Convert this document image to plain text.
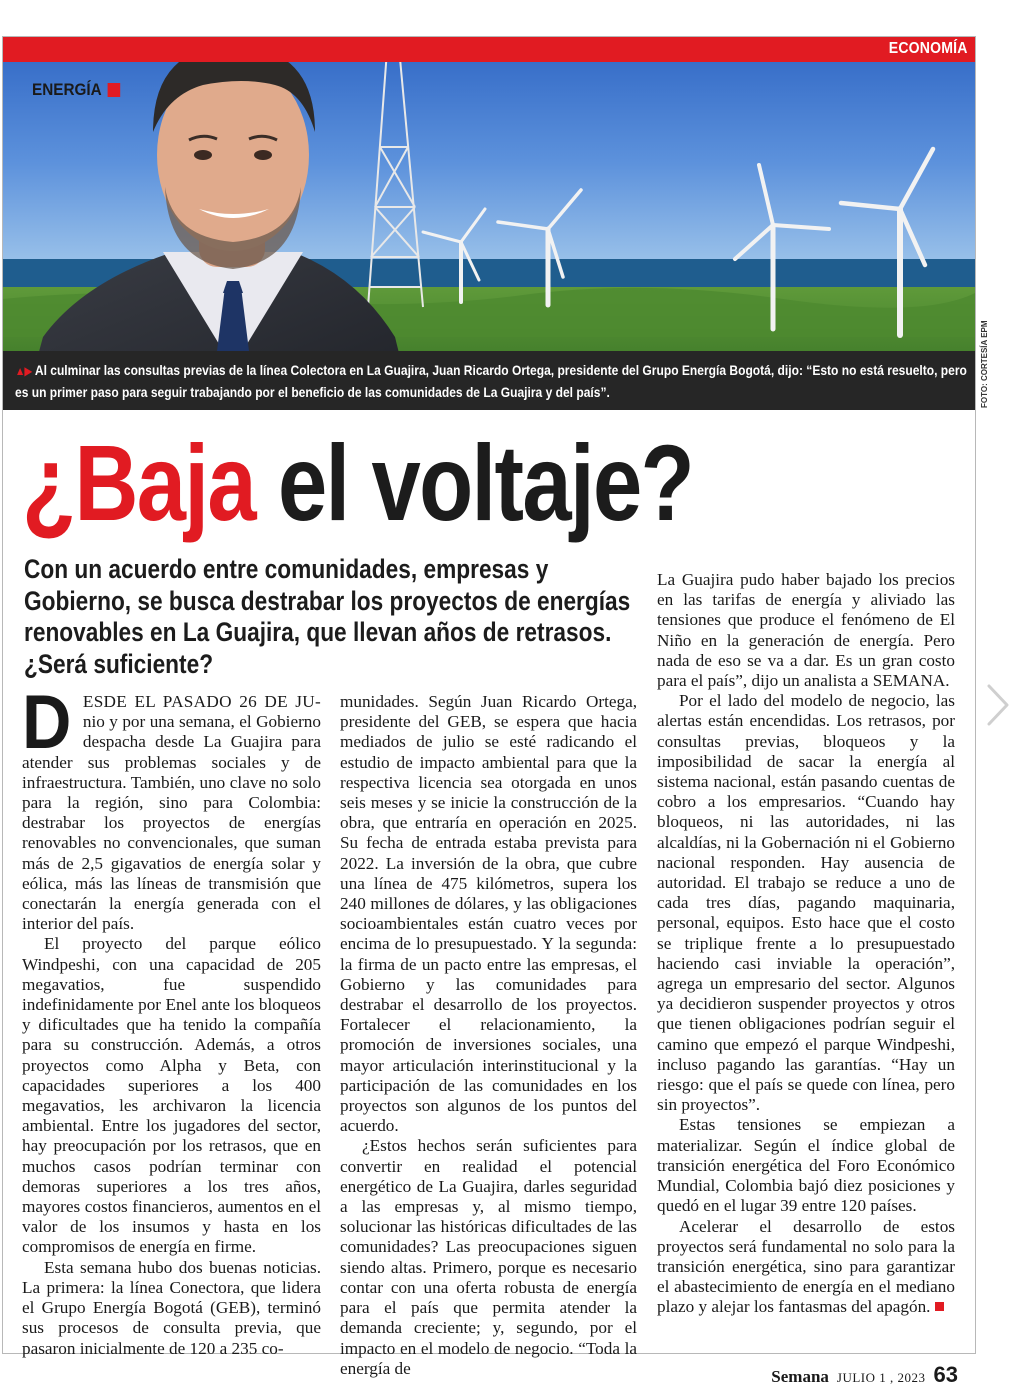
ECONOMÍA
ENERGÍA
▲▶ Al culminar las consultas previas de la línea Colectora en La Guajira, Juan Ricardo Ortega, presidente del Grupo Energía Bogotá, dijo: “Esto no está resuelto, pero es un primer paso para seguir trabajando por el beneficio de las comunidades de La Guajira y del país”.	FOTO: CORTESÍA EPM
¿Baja el voltaje?
Con un acuerdo entre comunidades, empresas y Gobierno, se busca destrabar los proyectos de energías renovables en La Guajira, que llevan años de retrasos. ¿Será suficiente?

D ESDE EL PASADO 26 DE JU- nio y por una semana, el Gobierno despacha desde La Guajira para atender sus problemas sociales y de infraestructura. También, uno clave no solo para la región, sino para Colombia: destrabar los proyectos de energías renovables no convencionales, que suman más de 2,5 gigavatios de energía solar y eólica, más las líneas de transmisión que conectarán la energía generada con el interior del país.

El proyecto del parque eólico Windpeshi, con una capacidad de 205 megavatios, fue suspendido indefinidamente por Enel ante los bloqueos y dificultades que ha tenido la compañía para su construcción. Además, a otros proyectos como Alpha y Beta, con capacidades superiores a los 400 megavatios, les archivaron la licencia ambiental. Entre los jugadores del sector, hay preocupación por los retrasos, que en muchos casos podrían terminar con demoras superiores a los tres años, mayores costos financieros, aumentos en el valor de los insumos y hasta en los compromisos de energía en firme.

Esta semana hubo dos buenas noticias. La primera: la línea Conectora, que lidera el Grupo Energía Bogotá (GEB), terminó sus procesos de consulta previa, que pasaron inicialmente de 120 a 235 co-

munidades. Según Juan Ricardo Ortega, presidente del GEB, se espera que hacia mediados de julio se esté radicando el estudio de impacto ambiental para que la respectiva licencia sea otorgada en unos seis meses y se inicie la construcción de la obra, que entraría en operación en 2025. Su fecha de entrada estaba prevista para 2022. La inversión de la obra, que cubre una línea de 475 kilómetros, supera los 240 millones de dólares, y las obligaciones socioambientales están cuatro veces por encima de lo presupuestado. Y la segunda: la firma de un pacto entre las empresas, el Gobierno y las comunidades para destrabar el desarrollo de los proyectos. Fortalecer el relacionamiento, la promoción de inversiones sociales, una mayor articulación interinstitucional y la participación de las comunidades en los proyectos son algunos de los puntos del acuerdo.

¿Estos hechos serán suficientes para convertir en realidad el potencial energético de La Guajira, darles seguridad a las empresas y, al mismo tiempo, solucionar las históricas dificultades de las comunidades? Las preocupaciones siguen siendo altas. Primero, porque es necesario contar con una oferta robusta de energía para el país que permita atender la demanda creciente; y, segundo, por el impacto en el modelo de negocio. “Toda la energía de

La Guajira pudo haber bajado los precios en las tarifas de energía y aliviado las tensiones que produce el fenómeno de El Niño en la generación de energía. Pero nada de eso se va a dar. Es un gran costo para el país”, dijo un analista a SEMANA.

Por el lado del modelo de negocio, las alertas están encendidas. Los retrasos, por consultas previas, bloqueos y la imposibilidad de sacar la energía al sistema nacional, están pasando cuentas de cobro a los empresarios. “Cuando hay bloqueos, ni las autoridades, ni las alcaldías, ni la Gobernación ni el Gobierno nacional responden. Hay ausencia de autoridad. El trabajo se reduce a uno de cada tres días, pagando maquinaria, personal, equipos. Esto hace que el costo se triplique frente a lo presupuestado haciendo casi inviable la operación”, agrega un empresario del sector. Algunos ya decidieron suspender proyectos y otros que tienen obligaciones podrían seguir el camino que empezó el parque Windpeshi, incluso pagando las garantías. “Hay un riesgo: que el país se quede con línea, pero sin proyectos”.

Estas tensiones se empiezan a materializar. Según el índice global de transición energética del Foro Económico Mundial, Colombia bajó diez posiciones y quedó en el lugar 39 entre 120 países.

Acelerar el desarrollo de estos proyectos será fundamental no solo para la transición energética, sino para garantizar el abastecimiento de energía en el mediano plazo y alejar los fantasmas del apagón.

Semana JULIO 1 , 2023 63
